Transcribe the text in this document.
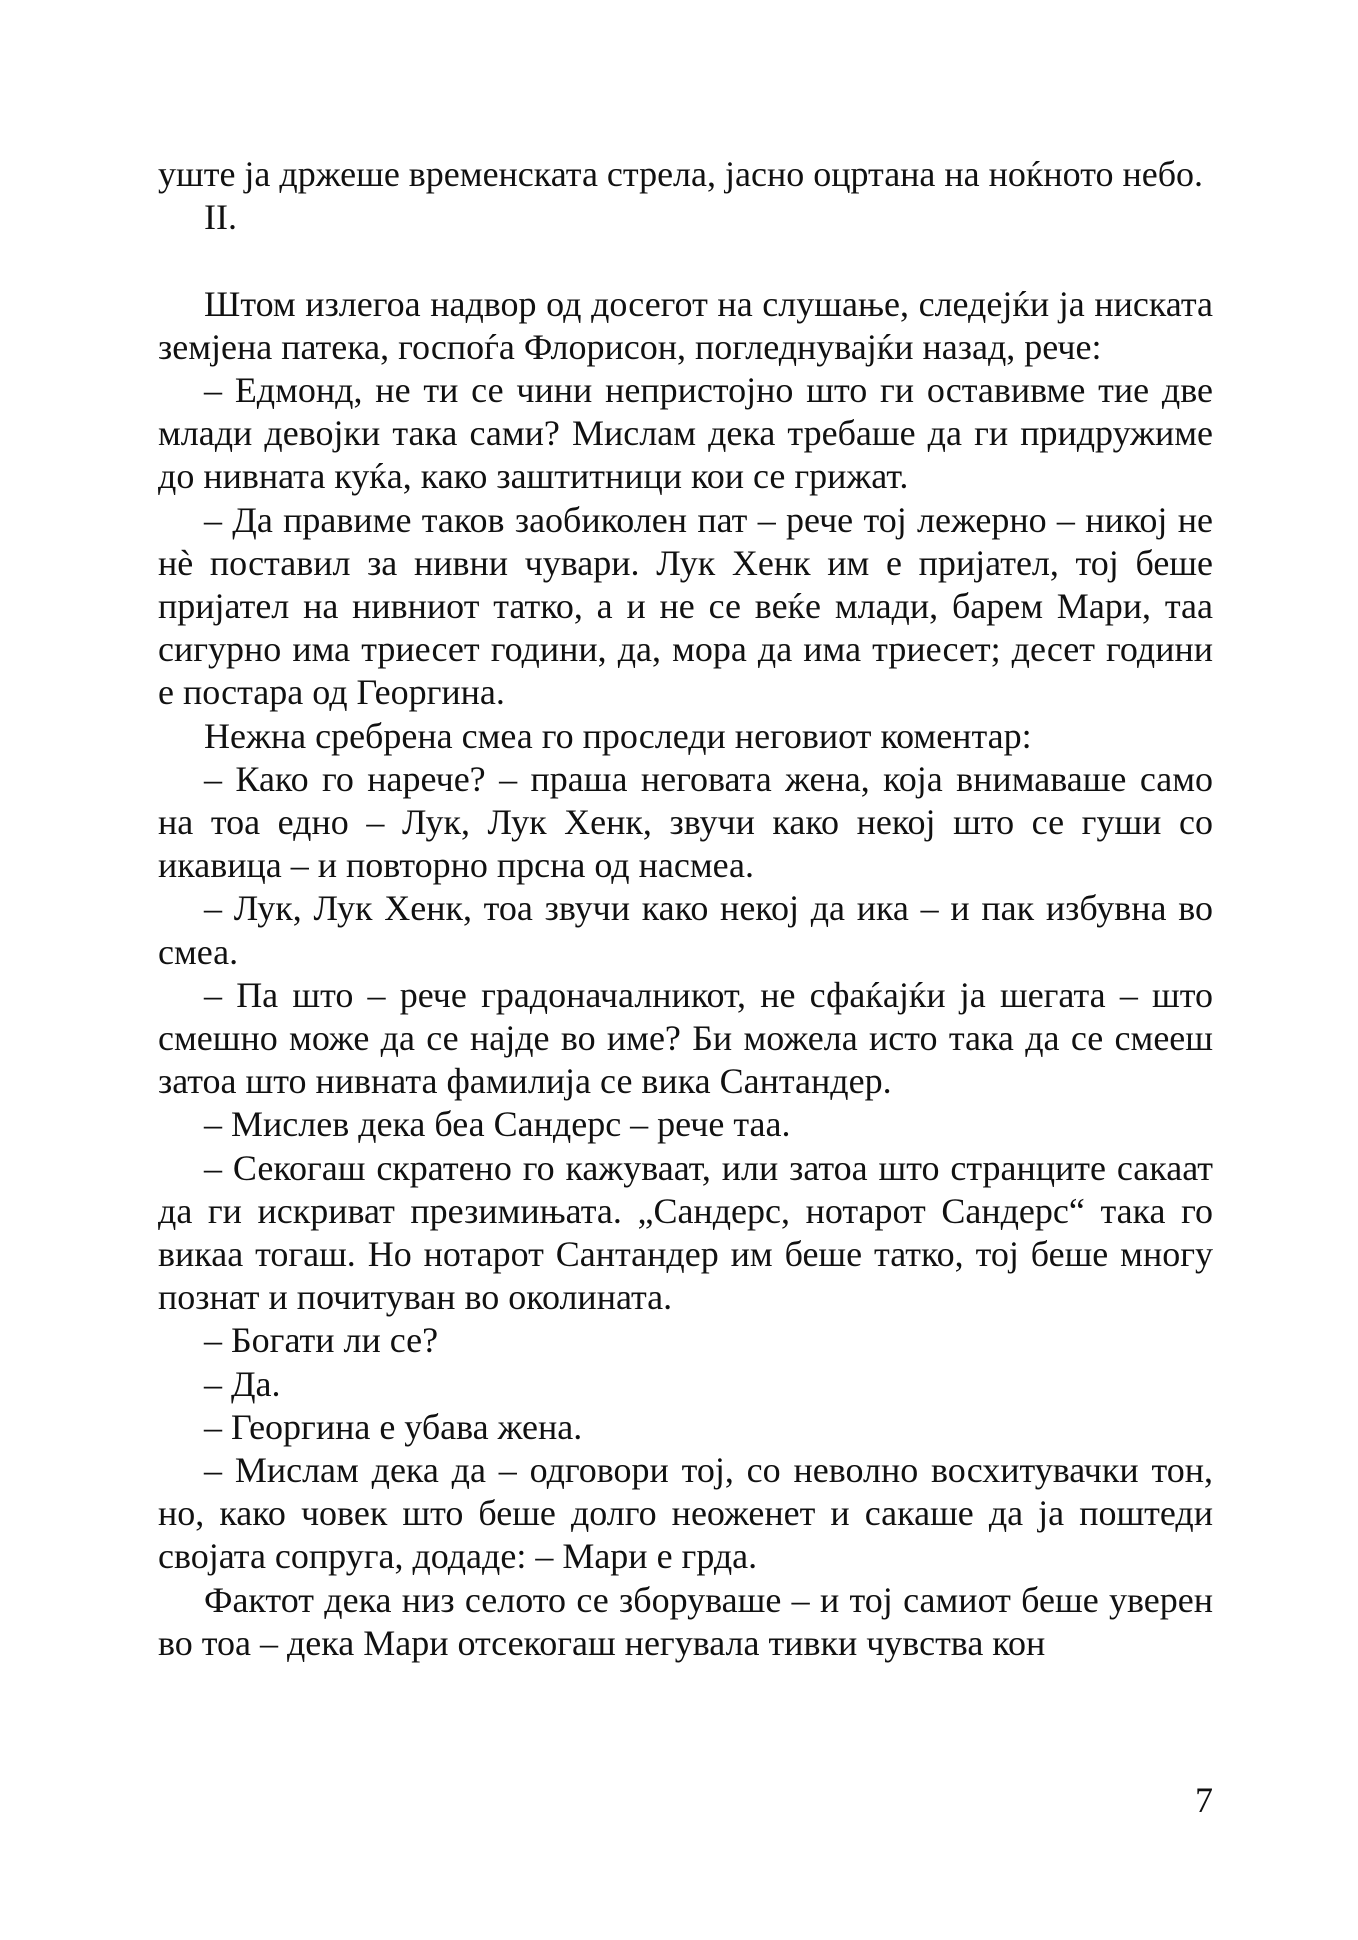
уште ја држеше временската стрела, јасно оцртана на ноќното небо.

II.

Штом излегоа надвор од досегот на слушање, следејќи ја ниската земјена патека, госпоѓа Флорисон, погледнувајќи назад, рече:

– Едмонд, не ти се чини непристојно што ги оставивме тие две млади девојки така сами? Мислам дека требаше да ги придружиме до нивната куќа, како заштитници кои се грижат.

– Да правиме таков заобиколен пат – рече тој лежерно – никој не нè поставил за нивни чувари. Лук Хенк им е пријател, тој беше пријател на нивниот татко, а и не се веќе млади, барем Мари, таа сигурно има триесет години, да, мора да има триесет; десет години е постара од Георгина.

Нежна сребрена смеа го проследи неговиот коментар:

– Како го нарече? – праша неговата жена, која внимаваше само на тоа едно – Лук, Лук Хенк, звучи како некој што се гуши со икавица – и повторно прсна од насмеа.

– Лук, Лук Хенк, тоа звучи како некој да ика – и пак избувна во смеа.

– Па што – рече градоначалникот, не сфаќајќи ја шегата – што смешно може да се најде во име? Би можела исто така да се смееш затоа што нивната фамилија се вика Сантандер.

– Мислев дека беа Сандерс – рече таа.

– Секогаш скратено го кажуваат, или затоа што странците сакаат да ги искриват презимињата. „Сандерс, нотарот Сандерс“ така го викаа тогаш. Но нотарот Сантандер им беше татко, тој беше многу познат и почитуван во околината.

– Богати ли се?

– Да.

– Георгина е убава жена.

– Мислам дека да – одговори тој, со неволно восхитувачки тон, но, како човек што беше долго неоженет и сакаше да ја поштеди својата сопруга, додаде: – Мари е грда.

Фактот дека низ селото се зборуваше – и тој самиот беше уверен во тоа – дека Мари отсекогаш негувала тивки чувства кон

7
